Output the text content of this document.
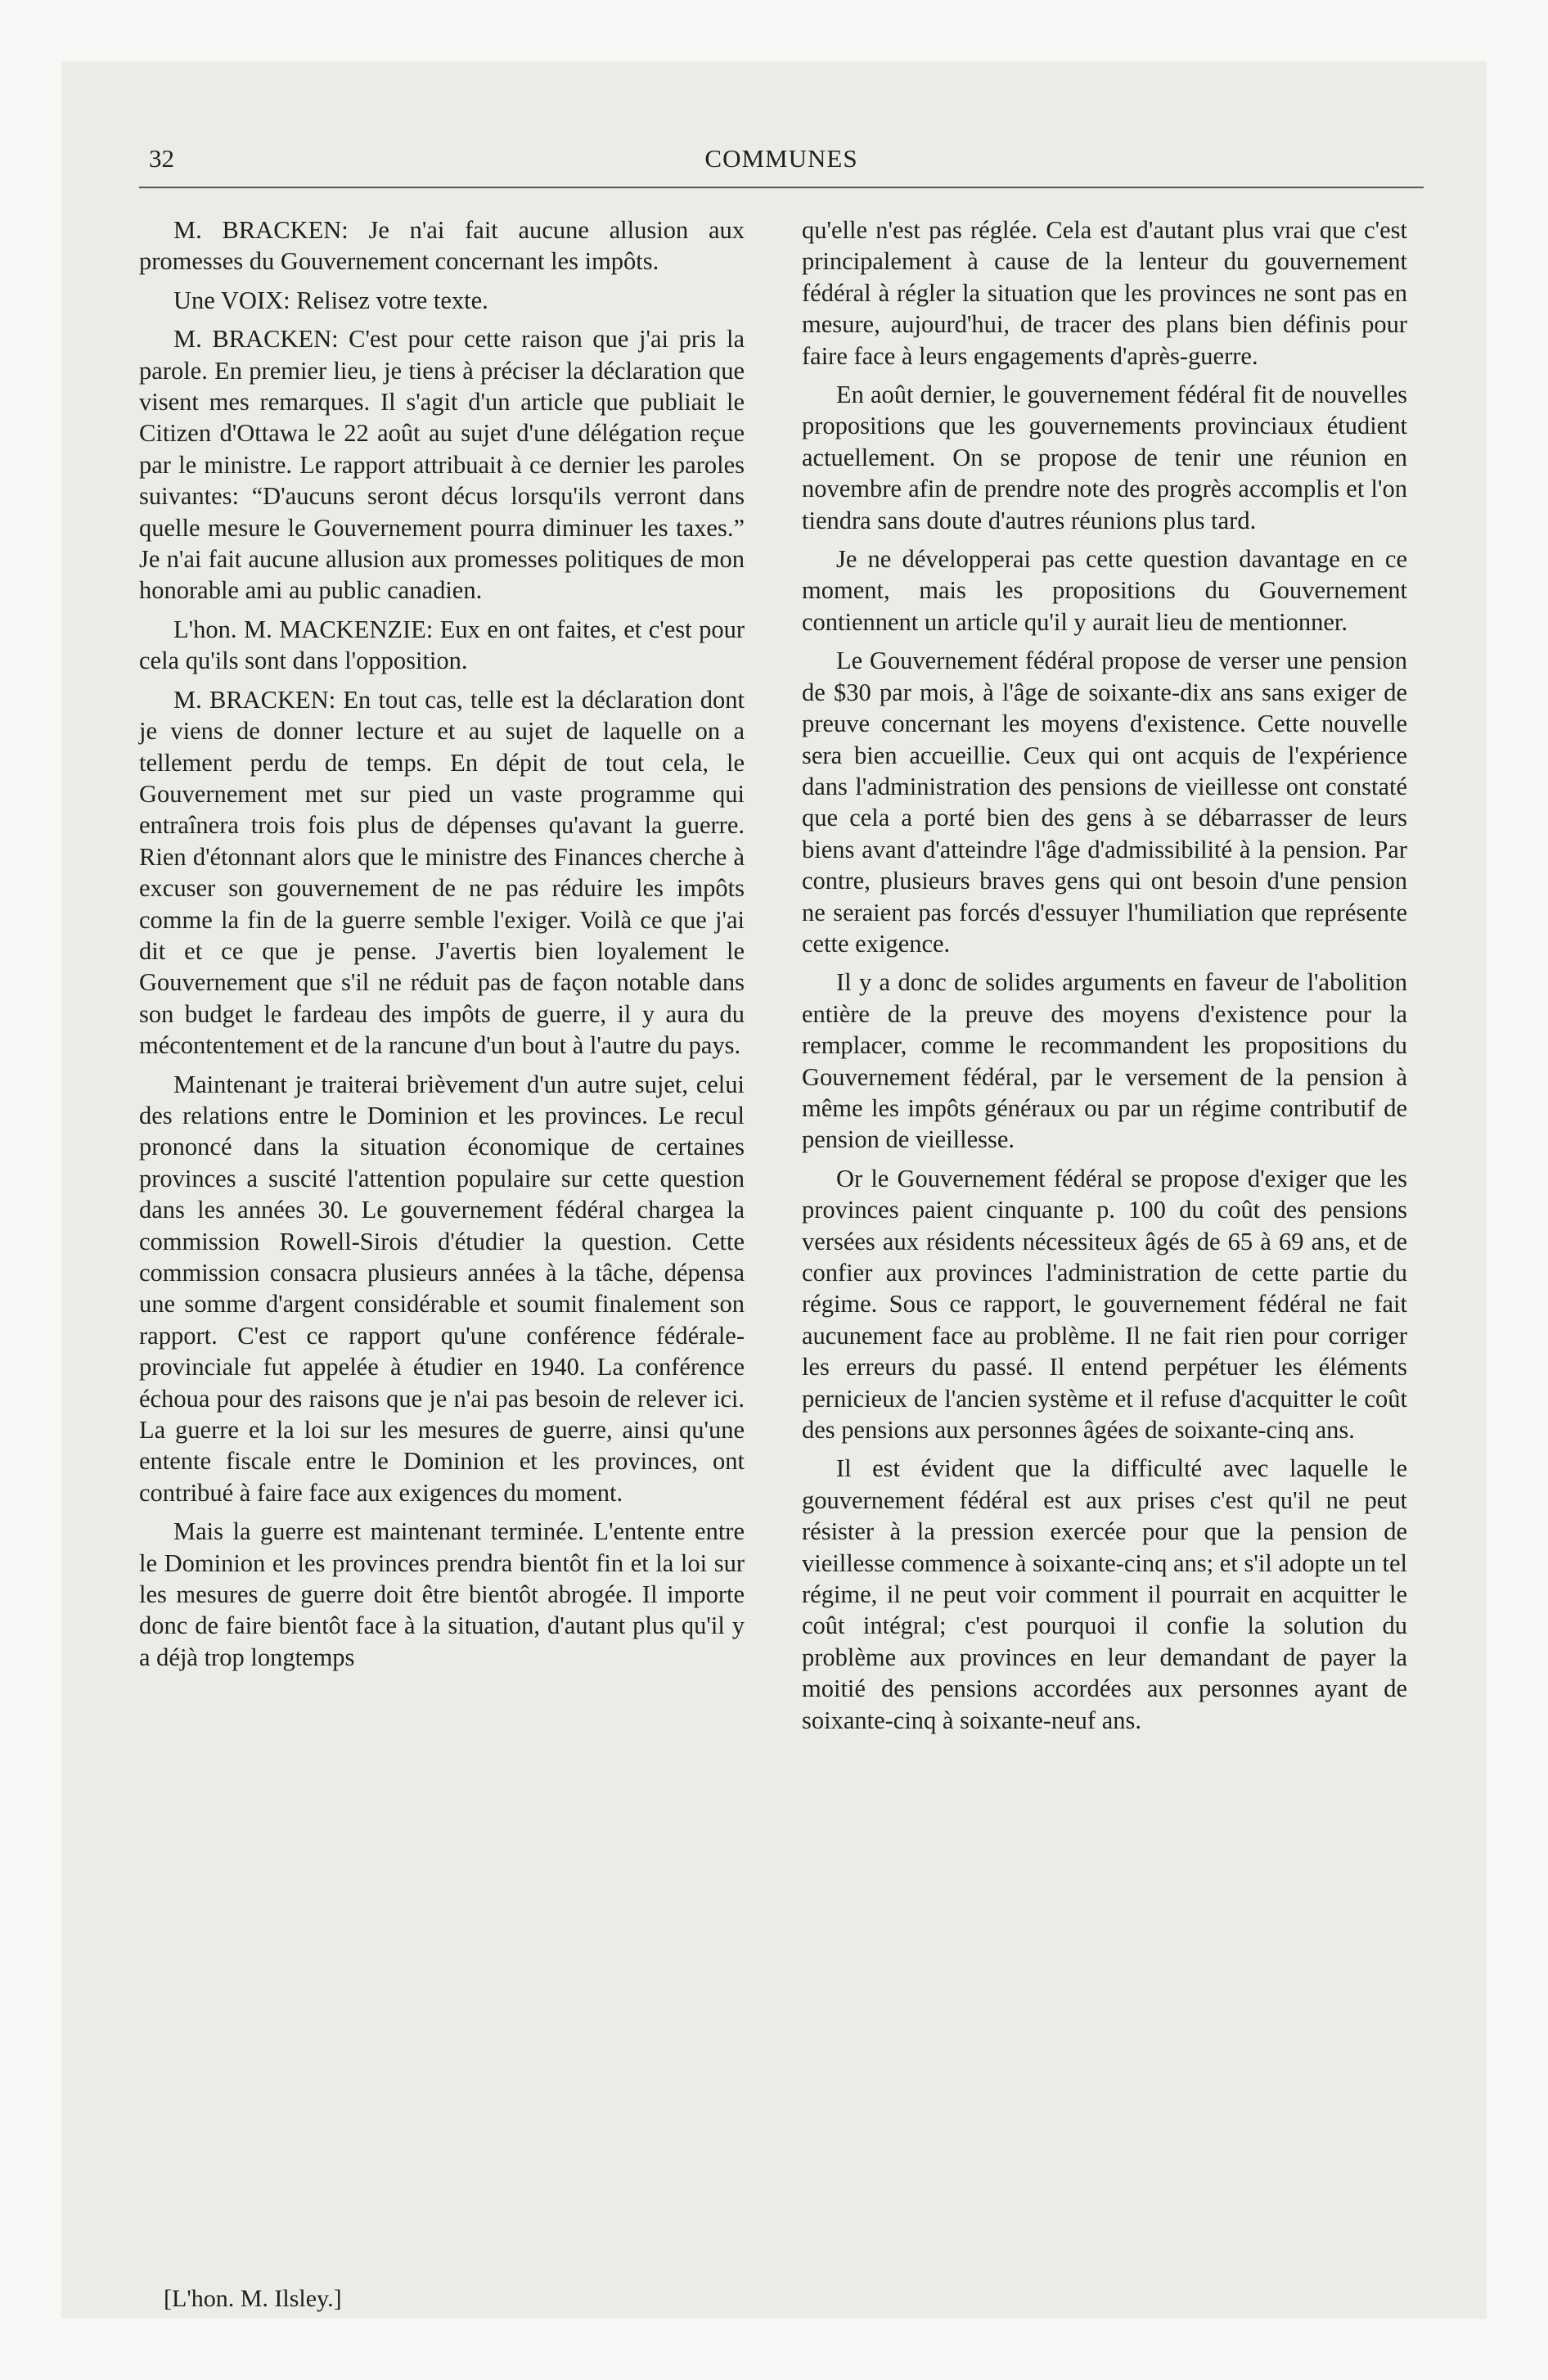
32	COMMUNES

M. BRACKEN: Je n'ai fait aucune allusion aux promesses du Gouvernement concernant les impôts.

Une VOIX: Relisez votre texte.

M. BRACKEN: C'est pour cette raison que j'ai pris la parole. En premier lieu, je tiens à préciser la déclaration que visent mes remarques. Il s'agit d'un article que publiait le Citizen d'Ottawa le 22 août au sujet d'une délégation reçue par le ministre. Le rapport attribuait à ce dernier les paroles suivantes: “D'aucuns seront décus lorsqu'ils verront dans quelle mesure le Gouvernement pourra diminuer les taxes.” Je n'ai fait aucune allusion aux promesses politiques de mon honorable ami au public canadien.

L'hon. M. MACKENZIE: Eux en ont faites, et c'est pour cela qu'ils sont dans l'opposition.

M. BRACKEN: En tout cas, telle est la déclaration dont je viens de donner lecture et au sujet de laquelle on a tellement perdu de temps. En dépit de tout cela, le Gouvernement met sur pied un vaste programme qui entraînera trois fois plus de dépenses qu'avant la guerre. Rien d'étonnant alors que le ministre des Finances cherche à excuser son gouvernement de ne pas réduire les impôts comme la fin de la guerre semble l'exiger. Voilà ce que j'ai dit et ce que je pense. J'avertis bien loyalement le Gouvernement que s'il ne réduit pas de façon notable dans son budget le fardeau des impôts de guerre, il y aura du mécontentement et de la rancune d'un bout à l'autre du pays.

Maintenant je traiterai brièvement d'un autre sujet, celui des relations entre le Dominion et les provinces. Le recul prononcé dans la situation économique de certaines provinces a suscité l'attention populaire sur cette question dans les années 30. Le gouvernement fédéral chargea la commission Rowell-Sirois d'étudier la question. Cette commission consacra plusieurs années à la tâche, dépensa une somme d'argent considérable et soumit finalement son rapport. C'est ce rapport qu'une conférence fédérale-provinciale fut appelée à étudier en 1940. La conférence échoua pour des raisons que je n'ai pas besoin de relever ici. La guerre et la loi sur les mesures de guerre, ainsi qu'une entente fiscale entre le Dominion et les provinces, ont contribué à faire face aux exigences du moment.

Mais la guerre est maintenant terminée. L'entente entre le Dominion et les provinces prendra bientôt fin et la loi sur les mesures de guerre doit être bientôt abrogée. Il importe donc de faire bientôt face à la situation, d'autant plus qu'il y a déjà trop longtemps

qu'elle n'est pas réglée. Cela est d'autant plus vrai que c'est principalement à cause de la lenteur du gouvernement fédéral à régler la situation que les provinces ne sont pas en mesure, aujourd'hui, de tracer des plans bien définis pour faire face à leurs engagements d'après-guerre.

En août dernier, le gouvernement fédéral fit de nouvelles propositions que les gouvernements provinciaux étudient actuellement. On se propose de tenir une réunion en novembre afin de prendre note des progrès accomplis et l'on tiendra sans doute d'autres réunions plus tard.

Je ne développerai pas cette question davantage en ce moment, mais les propositions du Gouvernement contiennent un article qu'il y aurait lieu de mentionner.

Le Gouvernement fédéral propose de verser une pension de $30 par mois, à l'âge de soixante-dix ans sans exiger de preuve concernant les moyens d'existence. Cette nouvelle sera bien accueillie. Ceux qui ont acquis de l'expérience dans l'administration des pensions de vieillesse ont constaté que cela a porté bien des gens à se débarrasser de leurs biens avant d'atteindre l'âge d'admissibilité à la pension. Par contre, plusieurs braves gens qui ont besoin d'une pension ne seraient pas forcés d'essuyer l'humiliation que représente cette exigence.

Il y a donc de solides arguments en faveur de l'abolition entière de la preuve des moyens d'existence pour la remplacer, comme le recommandent les propositions du Gouvernement fédéral, par le versement de la pension à même les impôts généraux ou par un régime contributif de pension de vieillesse.

Or le Gouvernement fédéral se propose d'exiger que les provinces paient cinquante p. 100 du coût des pensions versées aux résidents nécessiteux âgés de 65 à 69 ans, et de confier aux provinces l'administration de cette partie du régime. Sous ce rapport, le gouvernement fédéral ne fait aucunement face au problème. Il ne fait rien pour corriger les erreurs du passé. Il entend perpétuer les éléments pernicieux de l'ancien système et il refuse d'acquitter le coût des pensions aux personnes âgées de soixante-cinq ans.

Il est évident que la difficulté avec laquelle le gouvernement fédéral est aux prises c'est qu'il ne peut résister à la pression exercée pour que la pension de vieillesse commence à soixante-cinq ans; et s'il adopte un tel régime, il ne peut voir comment il pourrait en acquitter le coût intégral; c'est pourquoi il confie la solution du problème aux provinces en leur demandant de payer la moitié des pensions accordées aux personnes ayant de soixante-cinq à soixante-neuf ans.

[L'hon. M. Ilsley.]
